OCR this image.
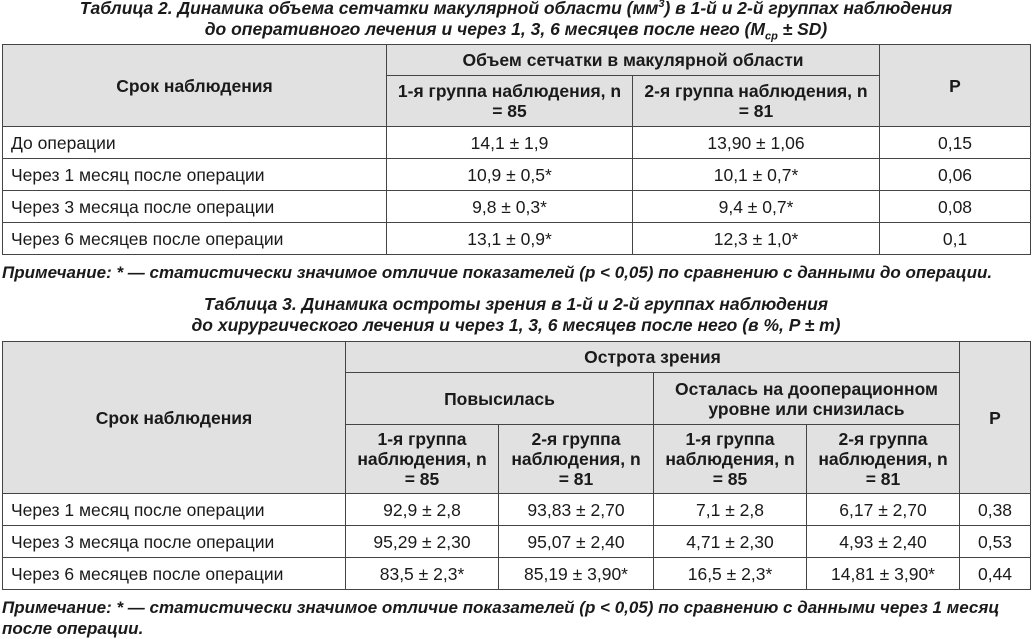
Таблица 2. Динамика объема сетчатки макулярной области $(мм^3)$ в 1-й и 2-й группах наблюдения
до оперативного лечения и через 1, 3, 6 месяцев после него $(M_{ср} \pm SD)$
Срок наблюдения	Объем сетчатки в макулярной области		P
	1-я группа наблюдения, n = 85	2-я группа наблюдения, n = 81	
До операции	14,1 ± 1,9	13,90 ± 1,06	0,15
Через 1 месяц после операции	10,9 ± 0,5*	10,1 ± 0,7*	0,06
Через 3 месяца после операции	9,8 ± 0,3*	9,4 ± 0,7*	0,08
Через 6 месяцев после операции	13,1 ± 0,9*	12,3 ± 1,0*	0,1
Примечание: * — статистически значимое отличие показателей (p < 0,05) по сравнению с данными до операции.
Таблица 3. Динамика остроты зрения в 1-й и 2-й группах наблюдения
до хирургического лечения и через 1, 3, 6 месяцев после него (в %, P ± m)
Срок наблюдения	Острота зрения				P
	Повысилась		Осталась на дооперационном уровне или снизилась		
	1-я группа наблюдения, n = 85	2-я группа наблюдения, n = 81	1-я группа наблюдения, n = 85	2-я группа наблюдения, n = 81	
Через 1 месяц после операции	92,9 ± 2,8	93,83 ± 2,70	7,1 ± 2,8	6,17 ± 2,70	0,38
Через 3 месяца после операции	95,29 ± 2,30	95,07 ± 2,40	4,71 ± 2,30	4,93 ± 2,40	0,53
Через 6 месяцев после операции	83,5 ± 2,3*	85,19 ± 3,90*	16,5 ± 2,3*	14,81 ± 3,90*	0,44
Примечание: * — статистически значимое отличие показателей (p < 0,05) по сравнению с данными через 1 месяц после операции.
